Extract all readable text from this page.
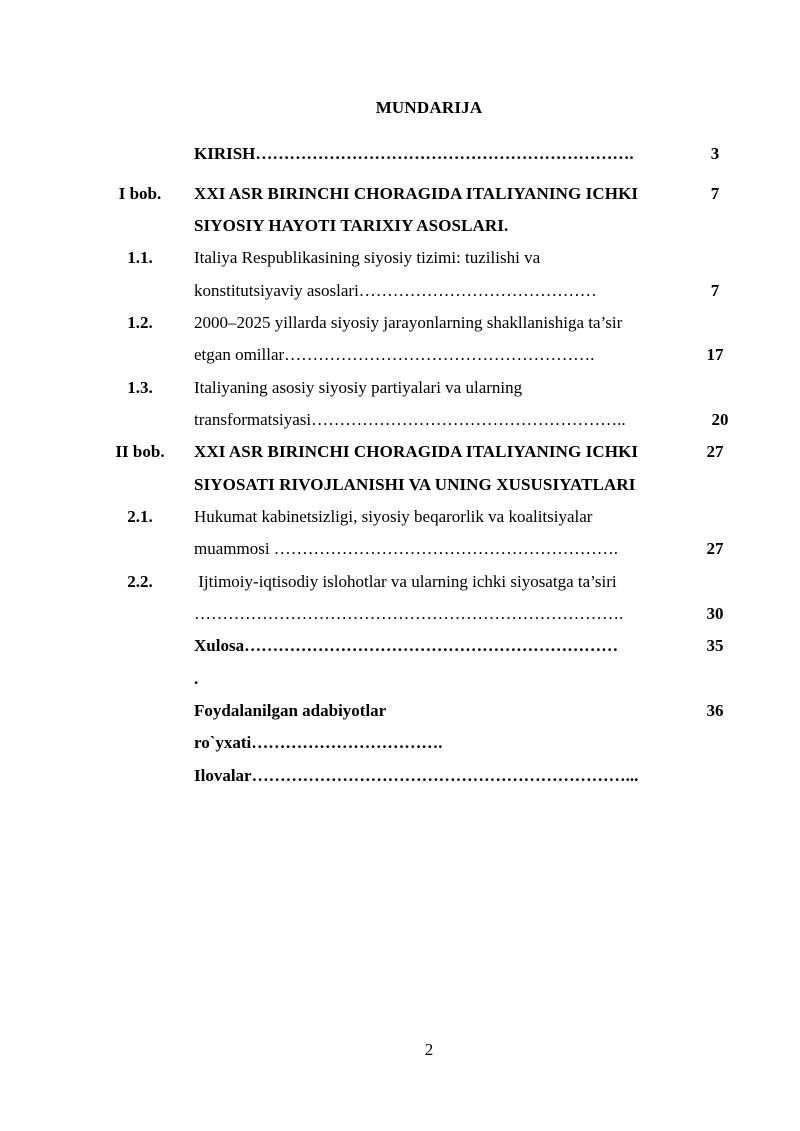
MUNDARIJA
KIRISH………………………………………………………….	3
I bob.	XXI ASR BIRINCHI CHORAGIDA ITALIYANING ICHKI	7
SIYOSIY HAYOTI TARIXIY ASOSLARI.
1.1.	Italiya Respublikasining siyosiy tizimi: tuzilishi va
konstitutsiyaviy asoslari……………………………………	7
1.2.	2000–2025 yillarda siyosiy jarayonlarning shakllanishiga ta’sir
etgan omillar……………………………………………….	17
1.3.	Italiyaning asosiy siyosiy partiyalari va ularning
transformatsiyasi………………………………………………..	20
II bob.	XXI ASR BIRINCHI CHORAGIDA ITALIYANING ICHKI	27
SIYOSATI RIVOJLANISHI VA UNING XUSUSIYATLARI
2.1.	Hukumat kabinetsizligi, siyosiy beqarorlik va koalitsiyalar
muammosi …………………………………………………….	27
2.2.	Ijtimoiy-iqtisodiy islohotlar va ularning ichki siyosatga ta’siri
………………………………………………………………….	30
Xulosa…………………………………………………………	35
.
Foydalanilgan adabiyotlar	36
ro`yxati…………………………….
Ilovalar…………………………………………………………...
2
